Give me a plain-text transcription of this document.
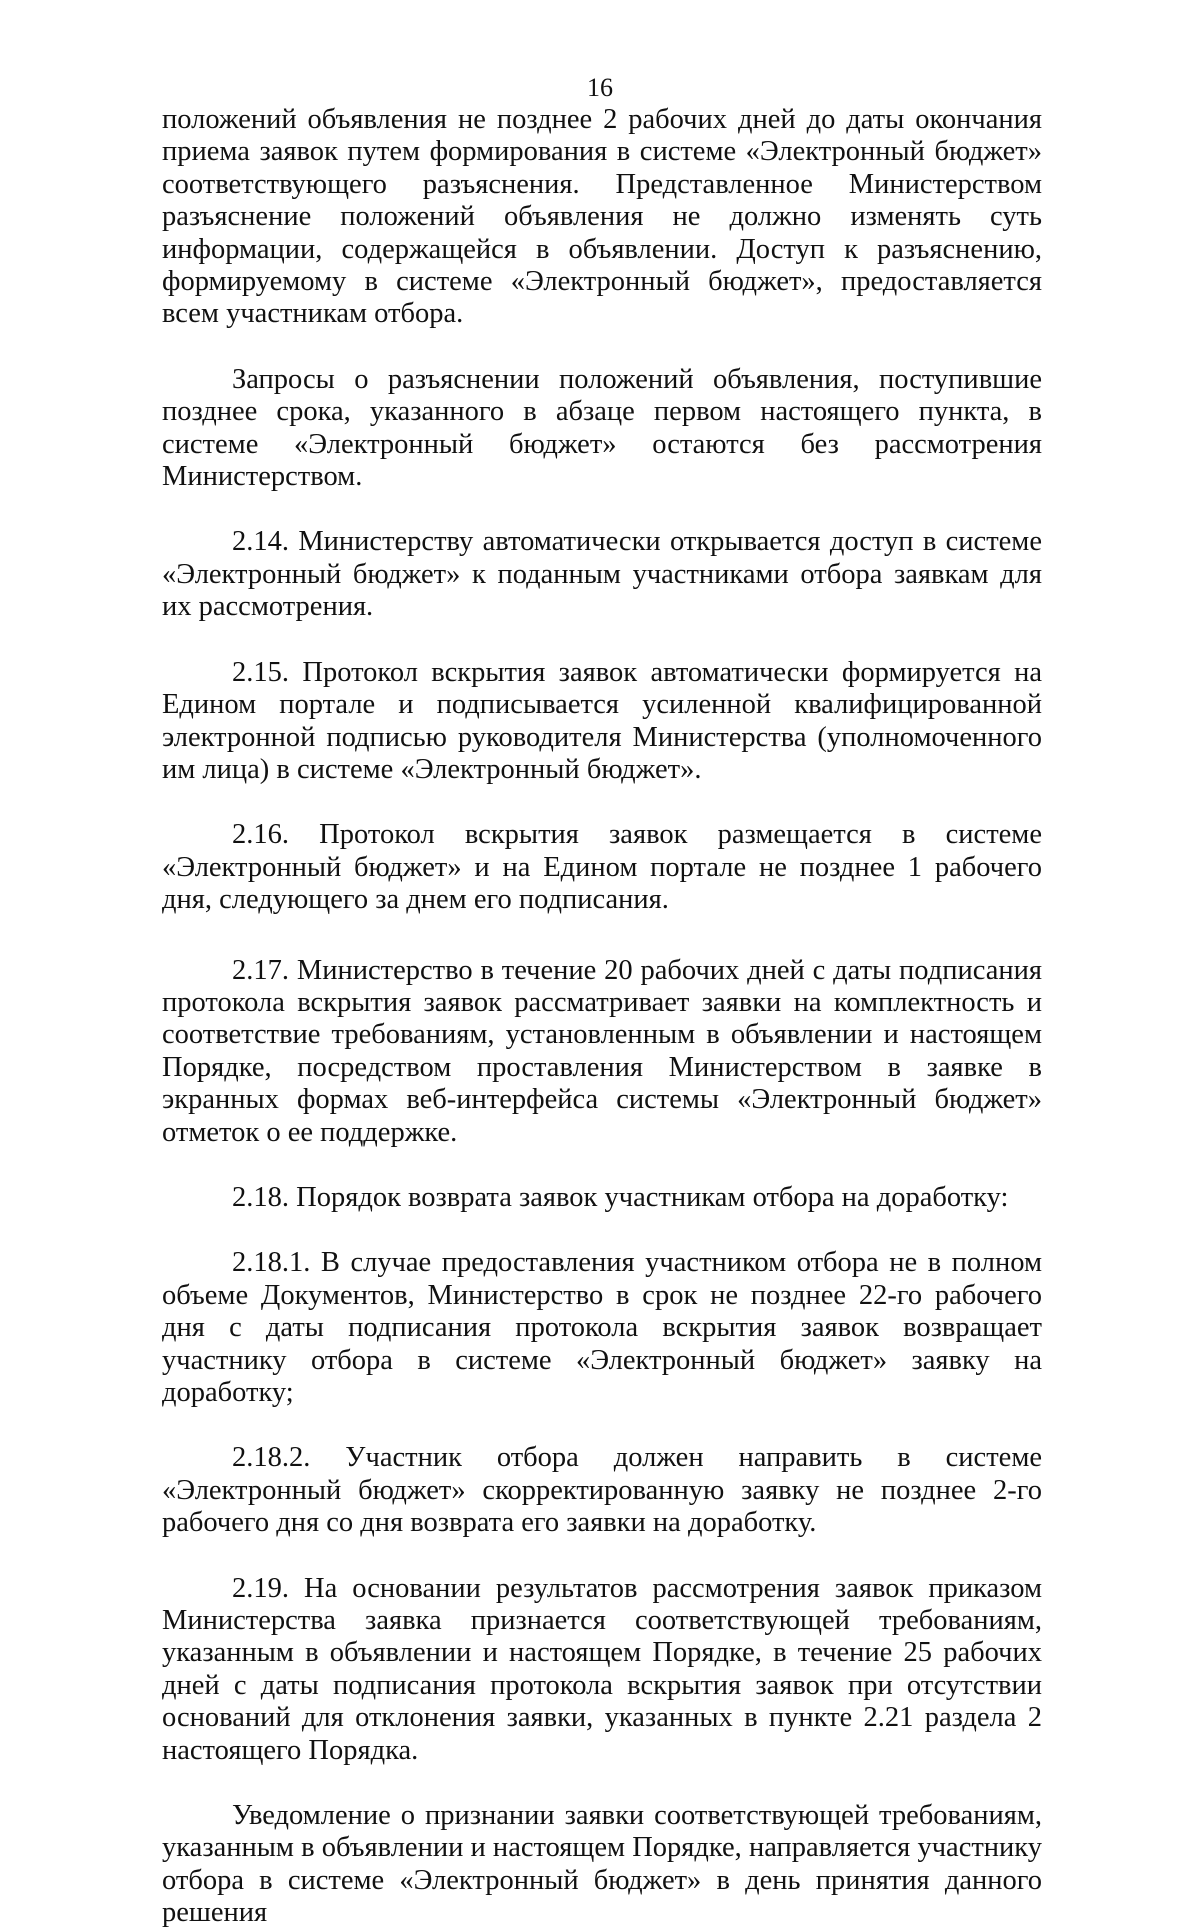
16

положений объявления не позднее 2 рабочих дней до даты окончания приема заявок путем формирования в системе «Электронный бюджет» соответствующего разъяснения. Представленное Министерством разъяснение положений объявления не должно изменять суть информации, содержащейся в объявлении. Доступ к разъяснению, формируемому в системе «Электронный бюджет», предоставляется всем участникам отбора.

Запросы о разъяснении положений объявления, поступившие позднее срока, указанного в абзаце первом настоящего пункта, в системе «Электронный бюджет» остаются без рассмотрения Министерством.

2.14. Министерству автоматически открывается доступ в системе «Электронный бюджет» к поданным участниками отбора заявкам для их рассмотрения.

2.15. Протокол вскрытия заявок автоматически формируется на Едином портале и подписывается усиленной квалифицированной электронной подписью руководителя Министерства (уполномоченного им лица) в системе «Электронный бюджет».

2.16. Протокол вскрытия заявок размещается в системе «Электронный бюджет» и на Едином портале не позднее 1 рабочего дня, следующего за днем его подписания.

2.17. Министерство в течение 20 рабочих дней с даты подписания протокола вскрытия заявок рассматривает заявки на комплектность и соответствие требованиям, установленным в объявлении и настоящем Порядке, посредством проставления Министерством в заявке в экранных формах веб-интерфейса системы «Электронный бюджет» отметок о ее поддержке.

2.18. Порядок возврата заявок участникам отбора на доработку:

2.18.1. В случае предоставления участником отбора не в полном объеме Документов, Министерство в срок не позднее 22-го рабочего дня с даты подписания протокола вскрытия заявок возвращает участнику отбора в системе «Электронный бюджет» заявку на доработку;

2.18.2. Участник отбора должен направить в системе «Электронный бюджет» скорректированную заявку не позднее 2-го рабочего дня со дня возврата его заявки на доработку.

2.19. На основании результатов рассмотрения заявок приказом Министерства заявка признается соответствующей требованиям, указанным в объявлении и настоящем Порядке, в течение 25 рабочих дней с даты подписания протокола вскрытия заявок при отсутствии оснований для отклонения заявки, указанных в пункте 2.21 раздела 2 настоящего Порядка.

Уведомление о признании заявки соответствующей требованиям, указанным в объявлении и настоящем Порядке, направляется участнику отбора в системе «Электронный бюджет» в день принятия данного решения
